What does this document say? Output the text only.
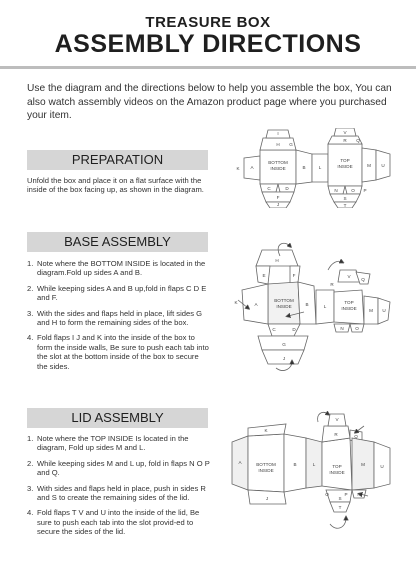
TREASURE BOX
ASSEMBLY DIRECTIONS
Use the diagram and the directions below to help you assemble the box, You can also watch assembly videos on the Amazon product page where you purchased your item.
PREPARATION
Unfold the box and place it on a flat surface with the inside of the box facing up, as shown in the diagram.
BOTTOM
INSIDE
TOP
INSIDE
I
H G
K A
C	D
F
J
B	L
V
R Q
N	O P
S
T
M U
BASE ASSEMBLY
1. Note where the BOTTOM INSIDE is located in the diagram.Fold up sides A and B.
2. While keeping sides A and B up,fold in flaps C D E and F.
3. With the sides and flaps held in place, lift sides G and H to form the remaining sides of the box.
4. Fold flaps I J and K into the inside of the box to form the inside walls, Be sure to push each tab into the slot at the bottom inside of the box to secure the sides.
BOTTOM
INSIDE
TOP
INSIDE
H
K	A	B	L
V
M U
G
J
F
E
D
C
R
N	O
Q
LID ASSEMBLY
1. Note where the TOP INSIDE Is located in the diagram, Fold up sides M and L.
2. While keeping sides M and L up, fold in flaps N O P and Q.
3. With sides and flaps held in place, push in sides R and S to create the remaining sides of the lid.
4. Fold flaps T V and U into the inside of the lid, Be sure to push each tab into the slot provid-ed to secure the sides of the lid.
BOTTOM
INSIDE
TOP
INSIDE
V
R	Q
B	L
N
M	U
O	P
S
T
A
J
K
